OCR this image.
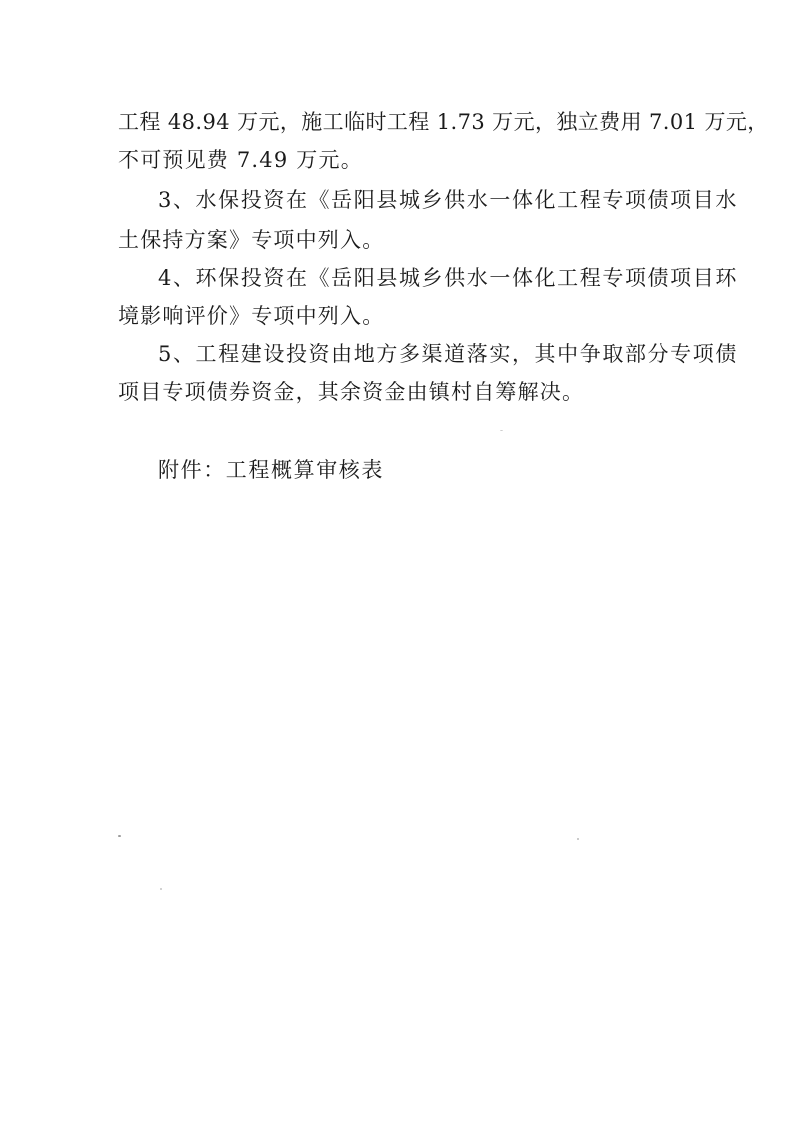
工程 48.94 万元，施工临时工程 1.73 万元，独立费用 7.01 万元，
不可预见费 7.49 万元。
3、水保投资在《岳阳县城乡供水一体化工程专项债项目水
土保持方案》专项中列入。
4、环保投资在《岳阳县城乡供水一体化工程专项债项目环
境影响评价》专项中列入。
5、工程建设投资由地方多渠道落实，其中争取部分专项债
项目专项债券资金，其余资金由镇村自筹解决。
附件：工程概算审核表
